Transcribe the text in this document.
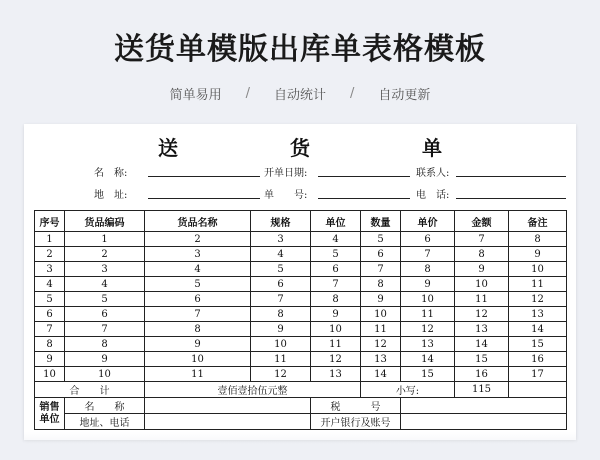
送货单模版出库单表格模板
简单易用 / 自动统计 / 自动更新
送　货　单
名　称:	开单日期:	联系人:
地　址:	单　　号:	电　话:
序号	货品编码	货品名称	规格	单位	数量	单价	金额	备注
1	1	2	3	4	5	6	7	8
2	2	3	4	5	6	7	8	9
3	3	4	5	6	7	8	9	10
4	4	5	6	7	8	9	10	11
5	5	6	7	8	9	10	11	12
6	6	7	8	9	10	11	12	13
7	7	8	9	10	11	12	13	14
8	8	9	10	11	12	13	14	15
9	9	10	11	12	13	14	15	16
10	10	11	12	13	14	15	16	17
合　　计		壹佰壹拾伍元整			小写:		115	
销售单位	名　　称			税　　　号				
	地址、电话			开户银行及账号				
